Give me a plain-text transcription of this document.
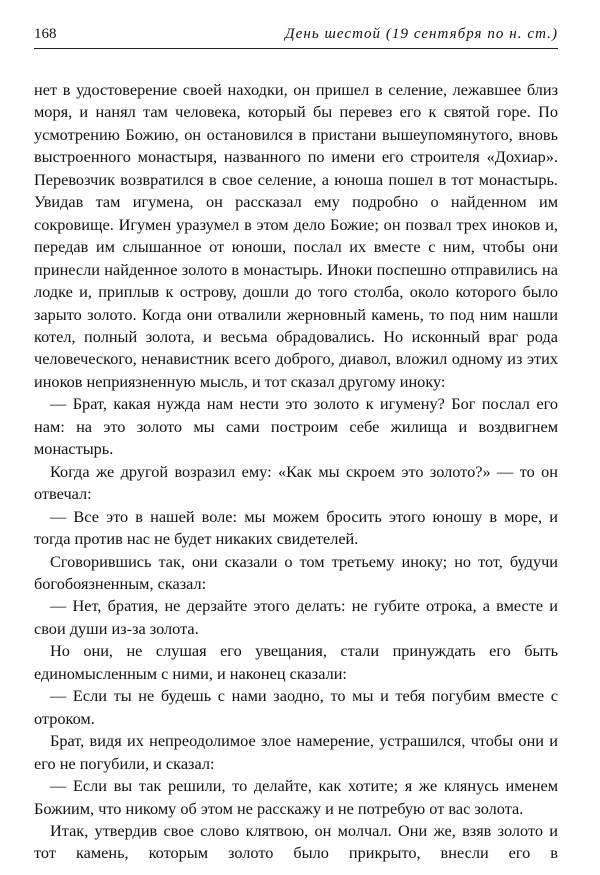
168	День шестой (19 сентября по н. ст.)

нет в удостоверение своей находки, он пришел в селение, лежавшее близ моря, и нанял там человека, который бы перевез его к святой горе. По усмотрению Божию, он остановился в пристани вышеупомянутого, вновь выстроенного монастыря, названного по имени его строителя «Дохиар». Перевозчик возвратился в свое селение, а юноша пошел в тот монастырь. Увидав там игумена, он рассказал ему подробно о найденном им сокровище. Игумен уразумел в этом дело Божие; он позвал трех иноков и, передав им слышанное от юноши, послал их вместе с ним, чтобы они принесли найденное золото в монастырь. Иноки поспешно отправились на лодке и, приплыв к острову, дошли до того столба, около которого было зарыто золото. Когда они отвалили жерновный камень, то под ним нашли котел, полный золота, и весьма обрадовались. Но исконный враг рода человеческого, ненавистник всего доброго, диавол, вложил одному из этих иноков неприязненную мысль, и тот сказал другому иноку:

— Брат, какая нужда нам нести это золото к игумену? Бог послал его нам: на это золото мы сами построим себе жилища и воздвигнем монастырь.

Когда же другой возразил ему: «Как мы скроем это золото?» — то он отвечал:

— Все это в нашей воле: мы можем бросить этого юношу в море, и тогда против нас не будет никаких свидетелей.

Сговорившись так, они сказали о том третьему иноку; но тот, будучи богобоязненным, сказал:

— Нет, братия, не дерзайте этого делать: не губите отрока, а вместе и свои души из-за золота.

Но они, не слушая его увещания, стали принуждать его быть единомысленным с ними, и наконец сказали:

— Если ты не будешь с нами заодно, то мы и тебя погубим вместе с отроком.

Брат, видя их непреодолимое злое намерение, устрашился, чтобы они и его не погубили, и сказал:

— Если вы так решили, то делайте, как хотите; я же клянусь именем Божиим, что никому об этом не расскажу и не потребую от вас золота.

Итак, утвердив свое слово клятвою, он молчал. Они же, взяв золото и тот камень, которым золото было прикрыто, внесли его в
